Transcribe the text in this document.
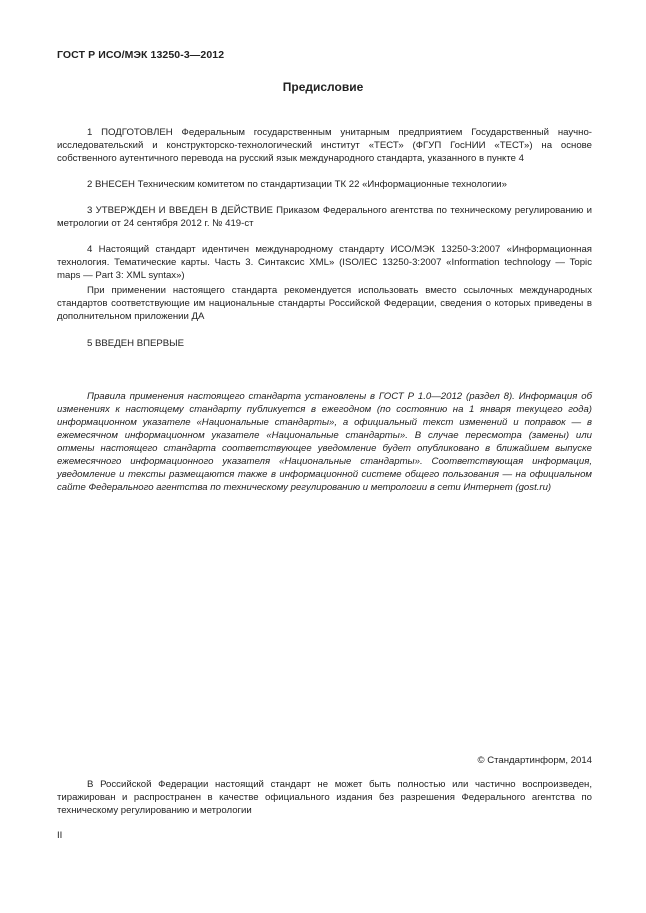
ГОСТ Р ИСО/МЭК 13250-3—2012
Предисловие

1 ПОДГОТОВЛЕН Федеральным государственным унитарным предприятием Государственный научно-исследовательский и конструкторско-технологический институт «ТЕСТ» (ФГУП ГосНИИ «ТЕСТ») на основе собственного аутентичного перевода на русский язык международного стандарта, указанного в пункте 4

2 ВНЕСЕН Техническим комитетом по стандартизации ТК 22 «Информационные технологии»

3 УТВЕРЖДЕН И ВВЕДЕН В ДЕЙСТВИЕ Приказом Федерального агентства по техническому регулированию и метрологии от 24 сентября 2012 г. № 419-ст

4 Настоящий стандарт идентичен международному стандарту ИСО/МЭК 13250-3:2007 «Информационная технология. Тематические карты. Часть 3. Синтаксис XML» (ISO/IEC 13250-3:2007 «Information technology — Topic maps — Part 3: XML syntax»)

При применении настоящего стандарта рекомендуется использовать вместо ссылочных международных стандартов соответствующие им национальные стандарты Российской Федерации, сведения о которых приведены в дополнительном приложении ДА

5 ВВЕДЕН ВПЕРВЫЕ

Правила применения настоящего стандарта установлены в ГОСТ Р 1.0—2012 (раздел 8). Информация об изменениях к настоящему стандарту публикуется в ежегодном (по состоянию на 1 января текущего года) информационном указателе «Национальные стандарты», а официальный текст изменений и поправок — в ежемесячном информационном указателе «Национальные стандарты». В случае пересмотра (замены) или отмены настоящего стандарта соответствующее уведомление будет опубликовано в ближайшем выпуске ежемесячного информационного указателя «Национальные стандарты». Соответствующая информация, уведомление и тексты размещаются также в информационной системе общего пользования — на официальном сайте Федерального агентства по техническому регулированию и метрологии в сети Интернет (gost.ru)

© Стандартинформ, 2014

В Российской Федерации настоящий стандарт не может быть полностью или частично воспроизведен, тиражирован и распространен в качестве официального издания без разрешения Федерального агентства по техническому регулированию и метрологии

II
